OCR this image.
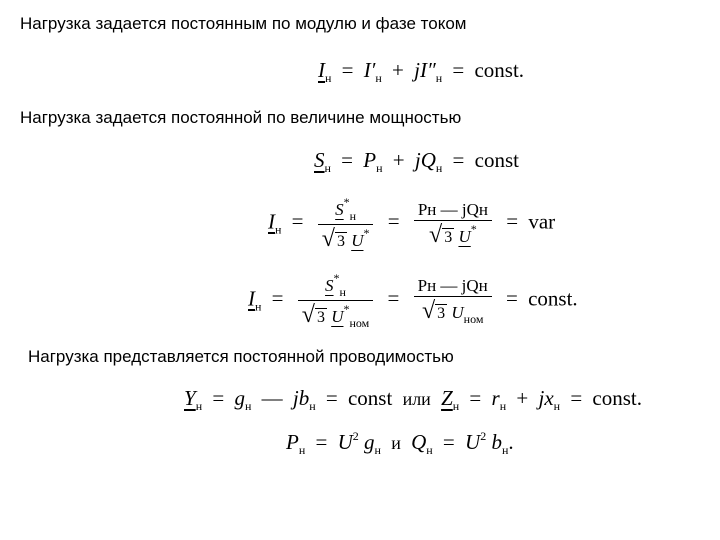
Нагрузка задается постоянным по модулю и фазе током
$I_н = I'_н + jI''_н$ = const.
Нагрузка задается постоянной по величине мощностью
$S_н = P_н + jQ_н$ = const
$I_н = \frac{S^*_н}{√ 3 U^*} = \frac{\text{Pн — jQн}}{√ 3 U^*}$ = var
$I_н = \frac{S^*_н}{√ 3 U^*_{ном}} = \frac{\text{Pн — jQн}}{√ 3 U_{ном}}$ = const.
Нагрузка представляется постоянной проводимостью
$Y_н = g_н$ — $jb_н$ = const или $Z_н = r_н + jx_н$ = const.
$P_н = U^2$ $g_н$ и $Q_н = U^2$ $b_н$.
